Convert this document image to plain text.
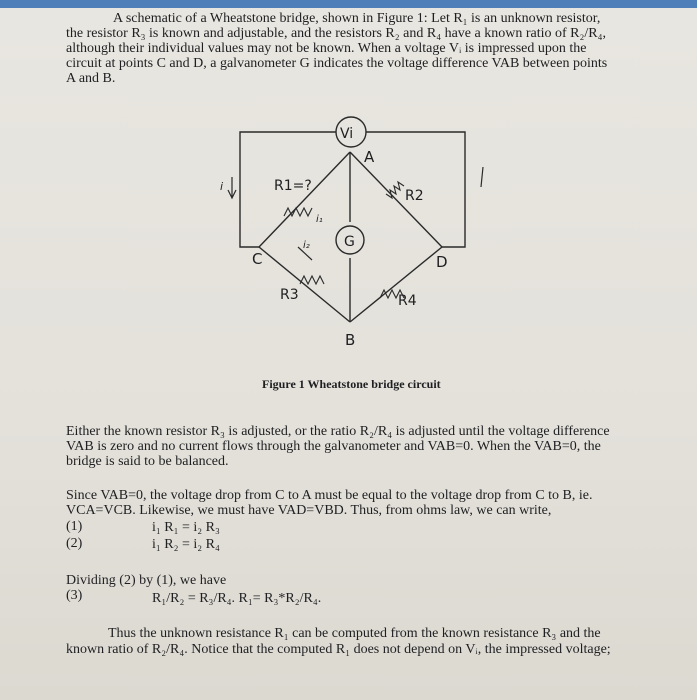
A schematic of a Wheatstone bridge, shown in Figure 1: Let R₁ is an unknown resistor,
the resistor R₃ is known and adjustable, and the resistors R₂ and R₄ have a known ratio of R₂/R₄,
although their individual values may not be known. When a voltage Vᵢ is impressed upon the
circuit at points C and D, a galvanometer G indicates the voltage difference VAB between points
A and B.
Vi
A
B
C	D
G
R1=?
R2
R3	R4
i
i₁
i₂
Figure 1 Wheatstone bridge circuit
Either the known resistor R₃ is adjusted, or the ratio R₂/R₄ is adjusted until the voltage difference
VAB is zero and no current flows through the galvanometer and VAB=0. When the VAB=0, the
bridge is said to be balanced.
Since VAB=0, the voltage drop from C to A must be equal to the voltage drop from C to B, ie.
VCA=VCB. Likewise, we must have VAD=VBD. Thus, from ohms law, we can write,
(1)	i₁ R₁ = i₂ R₃
(2)	i₁ R₂ = i₂ R₄
Dividing (2) by (1), we have
(3)	R₁/R₂ = R₃/R₄. R₁= R₃*R₂/R₄.
Thus the unknown resistance R₁ can be computed from the known resistance R₃ and the
known ratio of R₂/R₄. Notice that the computed R₁ does not depend on Vᵢ, the impressed voltage;
